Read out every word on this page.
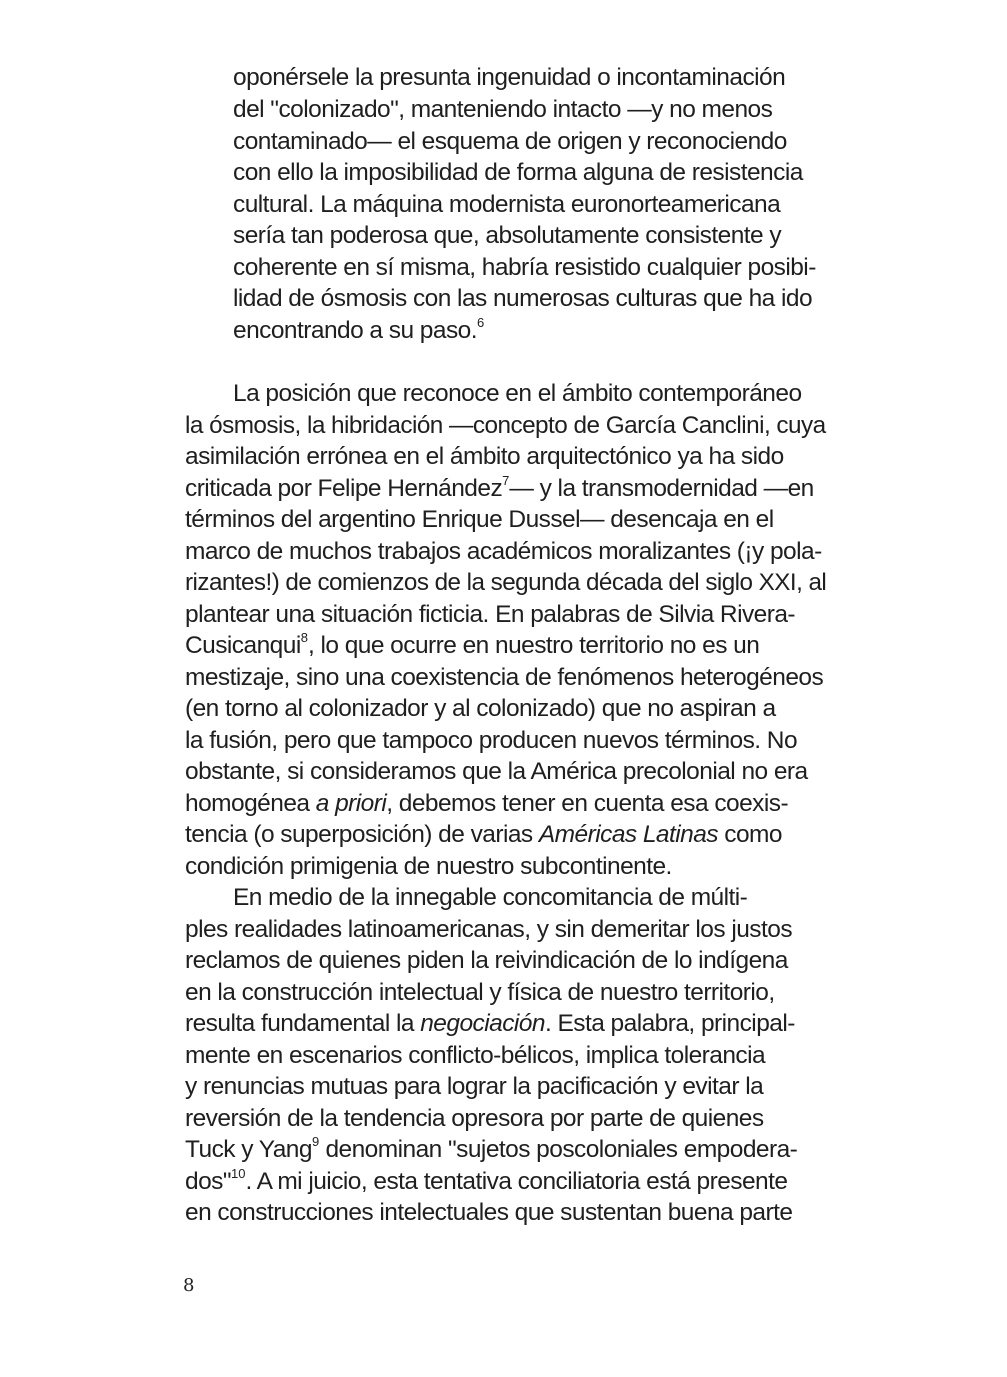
oponérsele la presunta ingenuidad o incontaminación
del "colonizado", manteniendo intacto —y no menos
contaminado— el esquema de origen y reconociendo
con ello la imposibilidad de forma alguna de resistencia
cultural. La máquina modernista euronorteamericana
sería tan poderosa que, absolutamente consistente y
coherente en sí misma, habría resistido cualquier posibi-
lidad de ósmosis con las numerosas culturas que ha ido
encontrando a su paso.$^6$
La posición que reconoce en el ámbito contemporáneo
la ósmosis, la hibridación —concepto de García Canclini, cuya
asimilación errónea en el ámbito arquitectónico ya ha sido
criticada por Felipe Hernández$^7$— y la transmodernidad —en
términos del argentino Enrique Dussel— desencaja en el
marco de muchos trabajos académicos moralizantes (¡y pola-
rizantes!) de comienzos de la segunda década del siglo XXI, al
plantear una situación ficticia. En palabras de Silvia Rivera-
Cusicanqui$^8$, lo que ocurre en nuestro territorio no es un
mestizaje, sino una coexistencia de fenómenos heterogéneos
(en torno al colonizador y al colonizado) que no aspiran a
la fusión, pero que tampoco producen nuevos términos. No
obstante, si consideramos que la América precolonial no era
homogénea a priori, debemos tener en cuenta esa coexis-
tencia (o superposición) de varias Américas Latinas como
condición primigenia de nuestro subcontinente.
En medio de la innegable concomitancia de múlti-
ples realidades latinoamericanas, y sin demeritar los justos
reclamos de quienes piden la reivindicación de lo indígena
en la construcción intelectual y física de nuestro territorio,
resulta fundamental la negociación. Esta palabra, principal-
mente en escenarios conflicto-bélicos, implica tolerancia
y renuncias mutuas para lograr la pacificación y evitar la
reversión de la tendencia opresora por parte de quienes
Tuck y Yang$^9$ denominan "sujetos poscoloniales empodera-
dos"$^{10}$. A mi juicio, esta tentativa conciliatoria está presente
en construcciones intelectuales que sustentan buena parte
8
